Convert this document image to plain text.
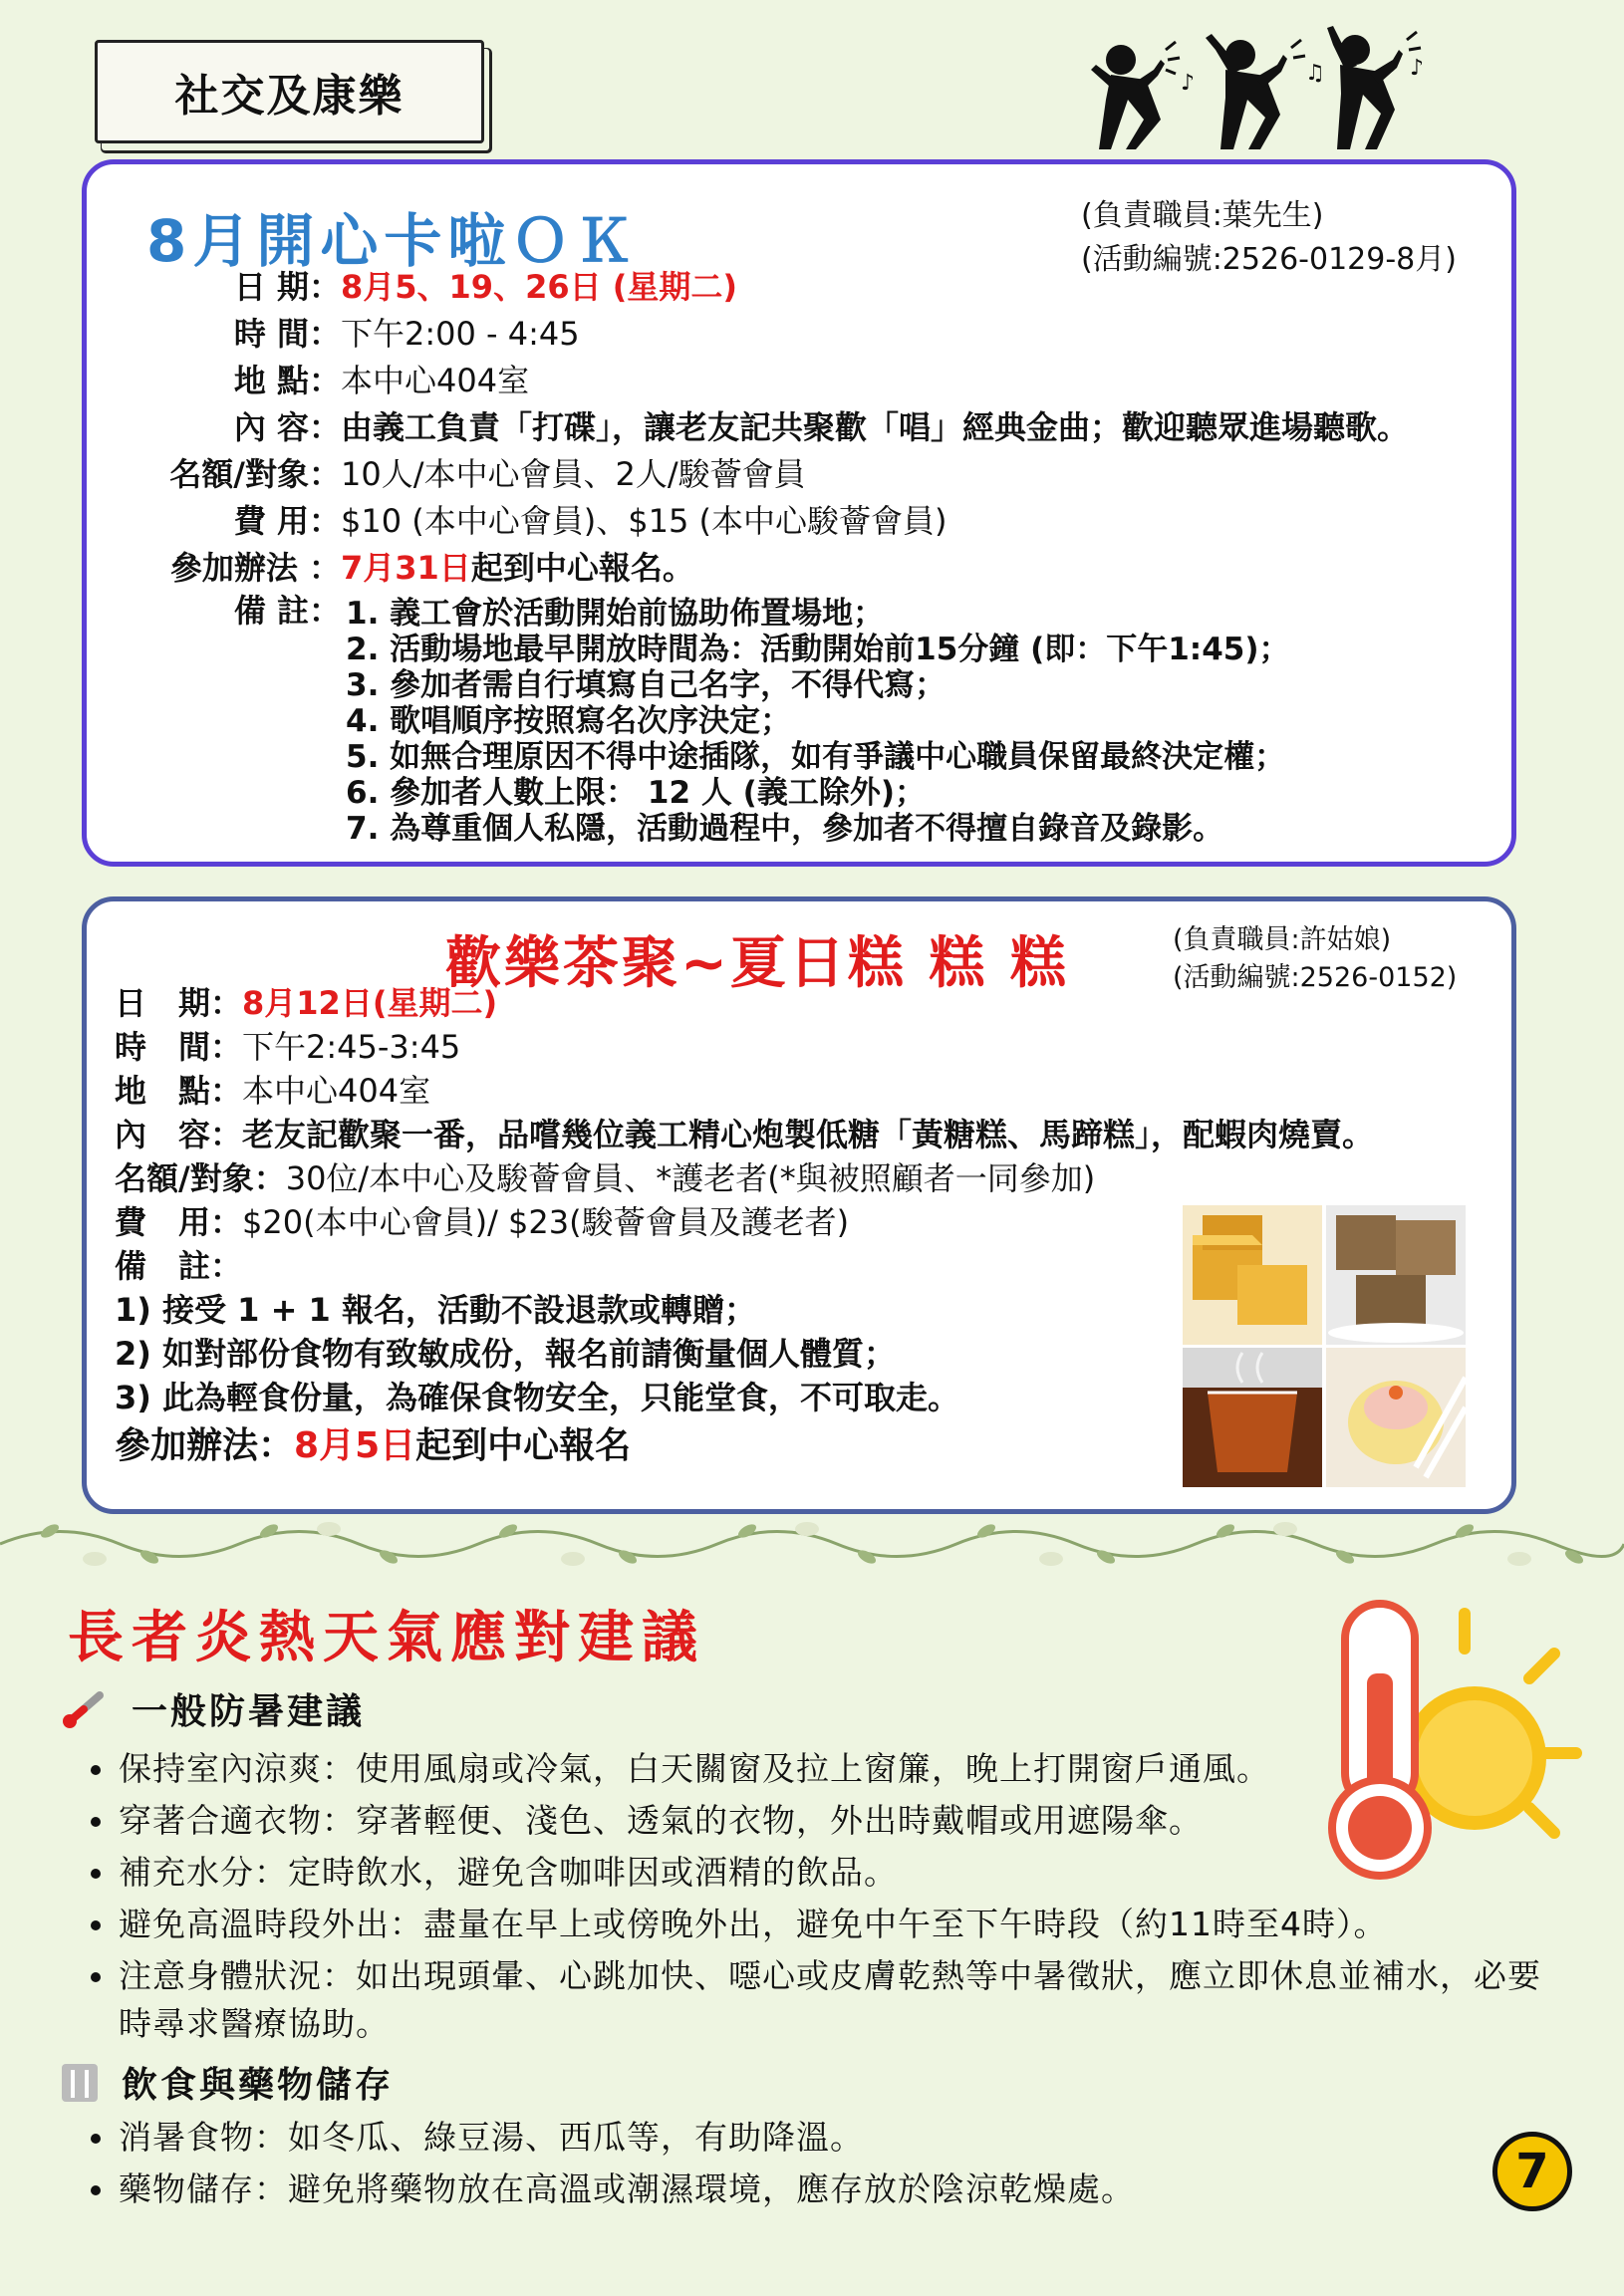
社交及康樂	♪	♫	♪
8月開心卡啦ＯＫ	(負責職員:葉先生)
(活動編號:2526-0129-8月)
日 期：8月5、19、26日 (星期二)
時 間：下午2:00 - 4:45
地 點：本中心404室
內 容：由義工負責「打碟」，讓老友記共聚歡「唱」經典金曲；歡迎聽眾進場聽歌。
名額/對象：10人/本中心會員、2人/駿薈會員
費 用：$10 (本中心會員)、$15 (本中心駿薈會員)
參加辦法 ：7月31日起到中心報名。
備 註： 1. 義工會於活動開始前協助佈置場地；
2. 活動場地最早開放時間為：活動開始前15分鐘 (即：下午1:45)；
3. 參加者需自行填寫自己名字，不得代寫；
4. 歌唱順序按照寫名次序決定；
5. 如無合理原因不得中途插隊，如有爭議中心職員保留最終決定權；
6. 參加者人數上限： 12 人 (義工除外)；
7. 為尊重個人私隱，活動過程中，參加者不得擅自錄音及錄影。
歡樂茶聚~夏日糕 糕 糕	(負責職員:許姑娘)
(活動編號:2526-0152)
日　期：8月12日(星期二)
時　間：下午2:45-3:45
地　點：本中心404室
內　容：老友記歡聚一番，品嚐幾位義工精心炮製低糖「黃糖糕、馬蹄糕」，配蝦肉燒賣。
名額/對象：30位/本中心及駿薈會員、*護老者(*與被照顧者一同參加)
費　用：$20(本中心會員)/ $23(駿薈會員及護老者)
備　註：
1) 接受 1 + 1 報名，活動不設退款或轉贈；
2) 如對部份食物有致敏成份，報名前請衡量個人體質；
3) 此為輕食份量，為確保食物安全，只能堂食，不可取走。
參加辦法：8月5日起到中心報名
長者炎熱天氣應對建議
一般防暑建議
保持室內涼爽：使用風扇或冷氣，白天關窗及拉上窗簾，晚上打開窗戶通風。
穿著合適衣物：穿著輕便、淺色、透氣的衣物，外出時戴帽或用遮陽傘。
補充水分：定時飲水，避免含咖啡因或酒精的飲品。
避免高溫時段外出：盡量在早上或傍晚外出，避免中午至下午時段（約11時至4時）。
注意身體狀況：如出現頭暈、心跳加快、噁心或皮膚乾熱等中暑徵狀，應立即休息並補水，必要時尋求醫療協助。
飲食與藥物儲存
消暑食物：如冬瓜、綠豆湯、西瓜等，有助降溫。
藥物儲存：避免將藥物放在高溫或潮濕環境，應存放於陰涼乾燥處。	7
